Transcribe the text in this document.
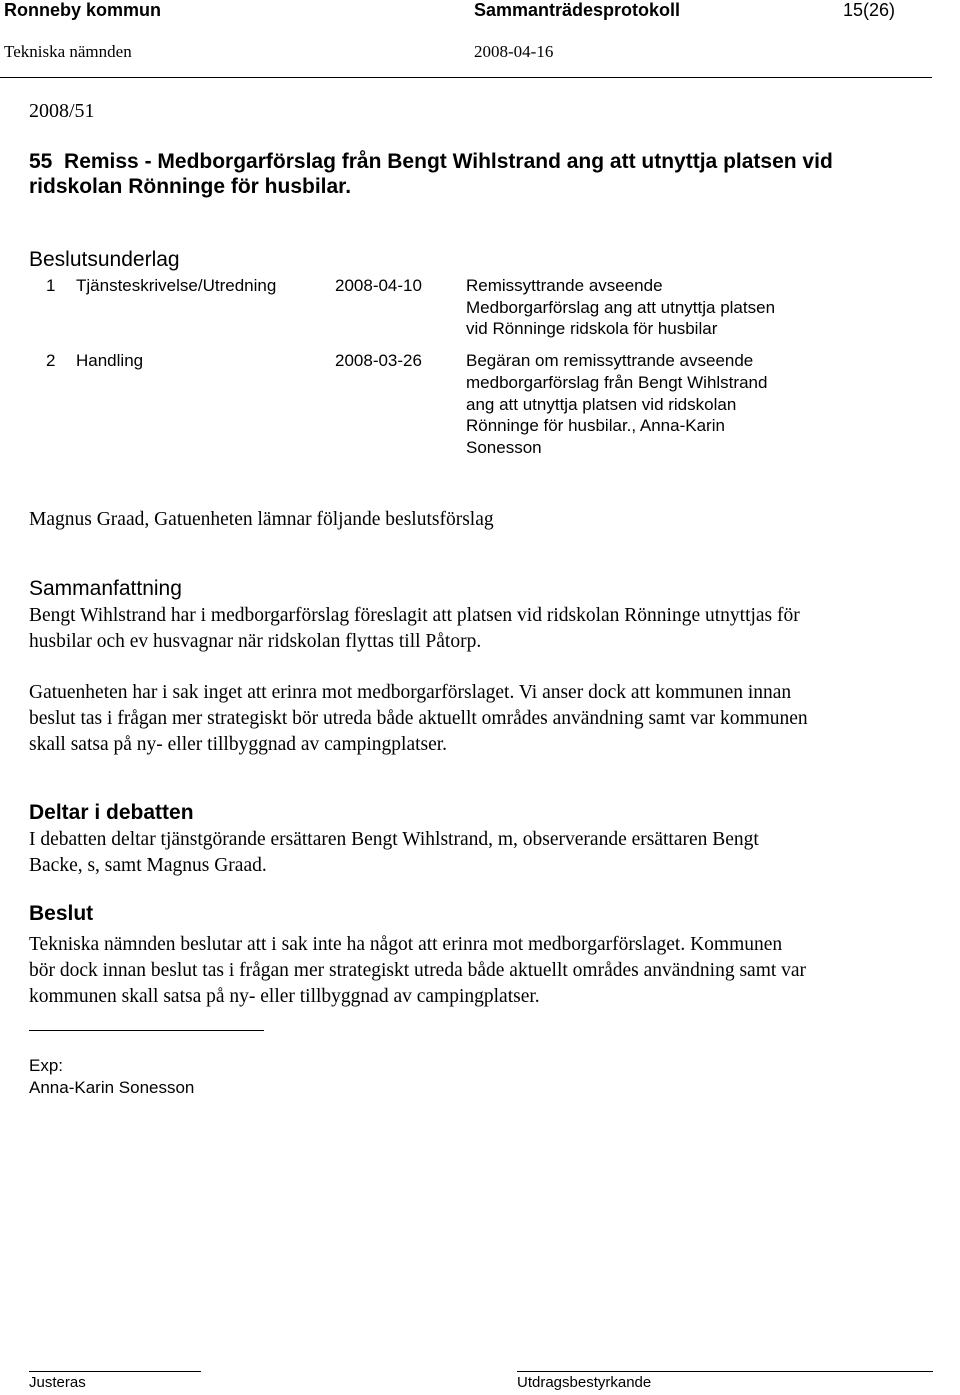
Ronneby kommun	Sammanträdesprotokoll	15(26)
Tekniska nämnden	2008-04-16
2008/51
55 Remiss - Medborgarförslag från Bengt Wihlstrand ang att utnyttja platsen vid
ridskolan Rönninge för husbilar.
Beslutsunderlag
1 Tjänsteskrivelse/Utredning	2008-04-10	Remissyttrande avseende
Medborgarförslag ang att utnyttja platsen
vid Rönninge ridskola för husbilar
2 Handling	2008-03-26	Begäran om remissyttrande avseende
medborgarförslag från Bengt Wihlstrand
ang att utnyttja platsen vid ridskolan
Rönninge för husbilar., Anna-Karin
Sonesson
Magnus Graad, Gatuenheten lämnar följande beslutsförslag
Sammanfattning
Bengt Wihlstrand har i medborgarförslag föreslagit att platsen vid ridskolan Rönninge utnyttjas för
husbilar och ev husvagnar när ridskolan flyttas till Påtorp.
Gatuenheten har i sak inget att erinra mot medborgarförslaget. Vi anser dock att kommunen innan
beslut tas i frågan mer strategiskt bör utreda både aktuellt områdes användning samt var kommunen
skall satsa på ny- eller tillbyggnad av campingplatser.
Deltar i debatten
I debatten deltar tjänstgörande ersättaren Bengt Wihlstrand, m, observerande ersättaren Bengt
Backe, s, samt Magnus Graad.
Beslut
Tekniska nämnden beslutar att i sak inte ha något att erinra mot medborgarförslaget. Kommunen
bör dock innan beslut tas i frågan mer strategiskt utreda både aktuellt områdes användning samt var
kommunen skall satsa på ny- eller tillbyggnad av campingplatser.
Exp:
Anna-Karin Sonesson
Justeras	Utdragsbestyrkande
